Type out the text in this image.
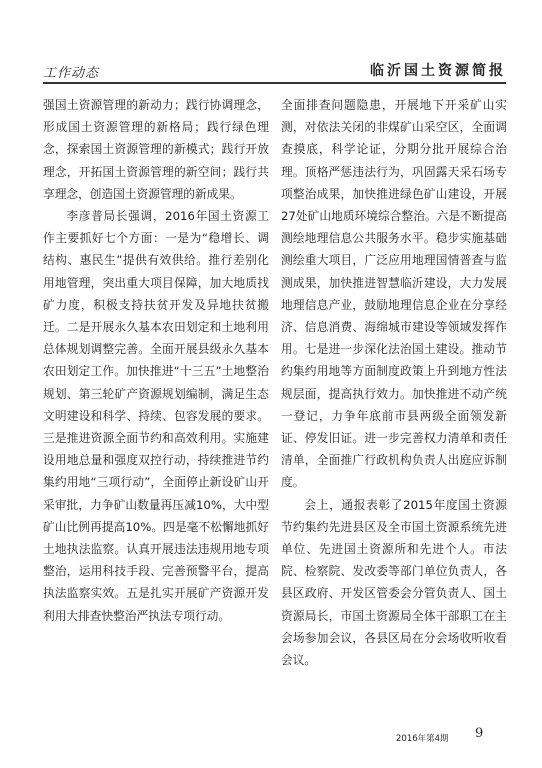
工作动态	临沂国土资源简报

强国土资源管理的新动力；践行协调理念，形成国土资源管理的新格局；践行绿色理念，探索国土资源管理的新模式；践行开放理念，开拓国土资源管理的新空间；践行共享理念，创造国土资源管理的新成果。

李彦普局长强调，2016年国土资源工作主要抓好七个方面：一是为“稳增长、调结构、惠民生”提供有效供给。推行差别化用地管理，突出重大项目保障，加大地质找矿力度，积极支持扶贫开发及异地扶贫搬迁。二是开展永久基本农田划定和土地利用总体规划调整完善。全面开展县级永久基本农田划定工作。加快推进“十三五”土地整治规划、第三轮矿产资源规划编制，满足生态文明建设和科学、持续、包容发展的要求。三是推进资源全面节约和高效利用。实施建设用地总量和强度双控行动，持续推进节约集约用地“三项行动”，全面停止新设矿山开采审批，力争矿山数量再压减10%，大中型矿山比例再提高10%。四是毫不松懈地抓好土地执法监察。认真开展违法违规用地专项整治，运用科技手段、完善预警平台，提高执法监察实效。五是扎实开展矿产资源开发利用大排查快整治严执法专项行动。

全面排查问题隐患，开展地下开采矿山实测，对依法关闭的非煤矿山采空区，全面调查摸底，科学论证，分期分批开展综合治理。顶格严惩违法行为，巩固露天采石场专项整治成果，加快推进绿色矿山建设，开展27处矿山地质环境综合整治。六是不断提高测绘地理信息公共服务水平。稳步实施基础测绘重大项目，广泛应用地理国情普查与监测成果，加快推进智慧临沂建设，大力发展地理信息产业，鼓励地理信息企业在分享经济、信息消费、海绵城市建设等领域发挥作用。七是进一步深化法治国土建设。推动节约集约用地等方面制度政策上升到地方性法规层面，提高执行效力。加快推进不动产统一登记，力争年底前市县两级全面领发新证、停发旧证。进一步完善权力清单和责任清单，全面推广行政机构负责人出庭应诉制度。

会上，通报表彰了2015年度国土资源节约集约先进县区及全市国土资源系统先进单位、先进国土资源所和先进个人。市法院、检察院、发改委等部门单位负责人，各县区政府、开发区管委会分管负责人、国土资源局长，市国土资源局全体干部职工在主会场参加会议，各县区局在分会场收听收看会议。

2016年第4期 9
